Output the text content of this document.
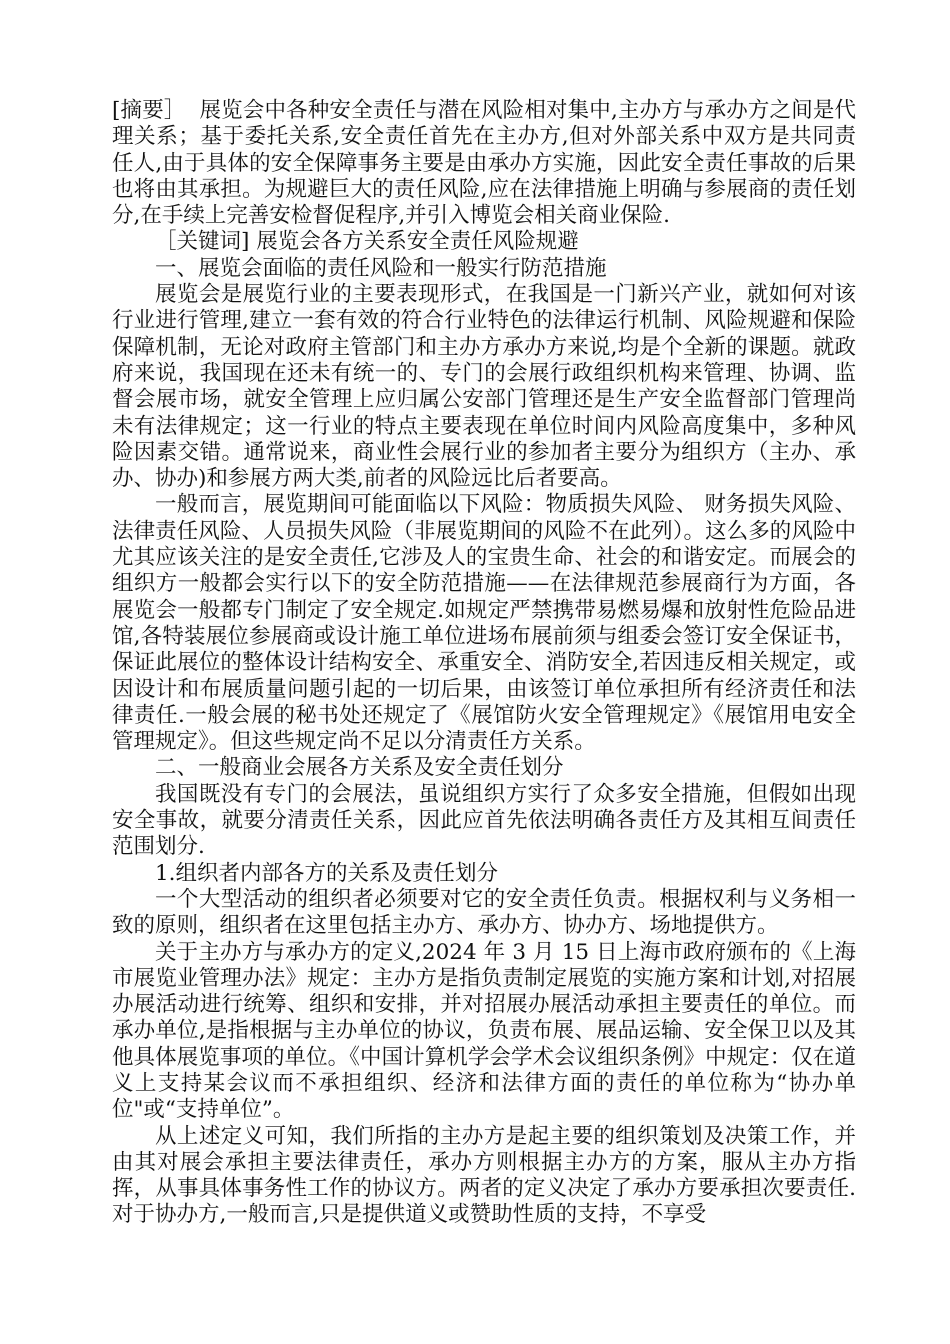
[摘要］ 展览会中各种安全责任与潜在风险相对集中,主办方与承办方之间是代理关系；基于委托关系,安全责任首先在主办方,但对外部关系中双方是共同责任人,由于具体的安全保障事务主要是由承办方实施，因此安全责任事故的后果也将由其承担。为规避巨大的责任风险,应在法律措施上明确与参展商的责任划分,在手续上完善安检督促程序,并引入博览会相关商业保险.

［关键词] 展览会各方关系安全责任风险规避

一、展览会面临的责任风险和一般实行防范措施

展览会是展览行业的主要表现形式，在我国是一门新兴产业，就如何对该行业进行管理,建立一套有效的符合行业特色的法律运行机制、风险规避和保险保障机制，无论对政府主管部门和主办方承办方来说,均是个全新的课题。就政府来说，我国现在还未有统一的、专门的会展行政组织机构来管理、协调、监督会展市场，就安全管理上应归属公安部门管理还是生产安全监督部门管理尚未有法律规定；这一行业的特点主要表现在单位时间内风险高度集中，多种风险因素交错。通常说来，商业性会展行业的参加者主要分为组织方（主办、承办、协办)和参展方两大类,前者的风险远比后者要高。

一般而言，展览期间可能面临以下风险：物质损失风险、 财务损失风险、法律责任风险、人员损失风险（非展览期间的风险不在此列）。这么多的风险中尤其应该关注的是安全责任,它涉及人的宝贵生命、社会的和谐安定。而展会的组织方一般都会实行以下的安全防范措施——在法律规范参展商行为方面，各展览会一般都专门制定了安全规定.如规定严禁携带易燃易爆和放射性危险品进馆,各特装展位参展商或设计施工单位进场布展前须与组委会签订安全保证书，保证此展位的整体设计结构安全、承重安全、消防安全,若因违反相关规定，或因设计和布展质量问题引起的一切后果，由该签订单位承担所有经济责任和法律责任.一般会展的秘书处还规定了《展馆防火安全管理规定》《展馆用电安全管理规定》。但这些规定尚不足以分清责任方关系。

二、一般商业会展各方关系及安全责任划分

我国既没有专门的会展法，虽说组织方实行了众多安全措施，但假如出现安全事故，就要分清责任关系，因此应首先依法明确各责任方及其相互间责任范围划分.

1.组织者内部各方的关系及责任划分

一个大型活动的组织者必须要对它的安全责任负责。根据权利与义务相一致的原则，组织者在这里包括主办方、承办方、协办方、场地提供方。

关于主办方与承办方的定义,2024 年 3 月 15 日上海市政府颁布的《上海市展览业管理办法》规定：主办方是指负责制定展览的实施方案和计划,对招展办展活动进行统筹、组织和安排，并对招展办展活动承担主要责任的单位。而承办单位,是指根据与主办单位的协议，负责布展、展品运输、安全保卫以及其他具体展览事项的单位。《中国计算机学会学术会议组织条例》中规定：仅在道义上支持某会议而不承担组织、经济和法律方面的责任的单位称为“协办单位"或“支持单位”。

从上述定义可知，我们所指的主办方是起主要的组织策划及决策工作，并由其对展会承担主要法律责任，承办方则根据主办方的方案，服从主办方指挥，从事具体事务性工作的协议方。两者的定义决定了承办方要承担次要责任.对于协办方,一般而言,只是提供道义或赞助性质的支持，不享受
